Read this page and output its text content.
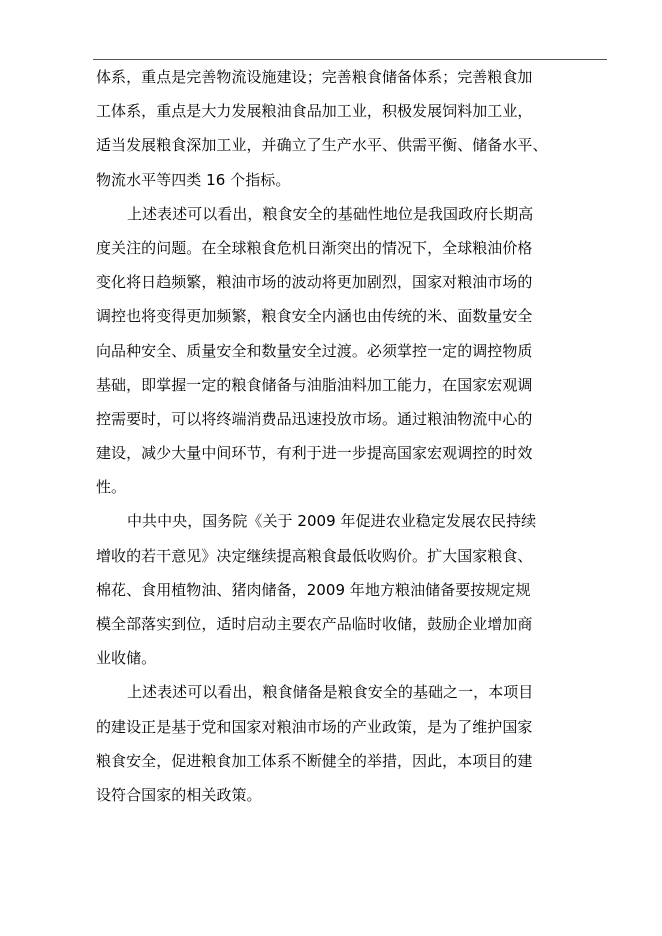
体系，重点是完善物流设施建设；完善粮食储备体系；完善粮食加
工体系，重点是大力发展粮油食品加工业，积极发展饲料加工业，
适当发展粮食深加工业，并确立了生产水平、供需平衡、储备水平、
物流水平等四类 16 个指标。
上述表述可以看出，粮食安全的基础性地位是我国政府长期高
度关注的问题。在全球粮食危机日渐突出的情况下，全球粮油价格
变化将日趋频繁，粮油市场的波动将更加剧烈，国家对粮油市场的
调控也将变得更加频繁，粮食安全内涵也由传统的米、面数量安全
向品种安全、质量安全和数量安全过渡。必须掌控一定的调控物质
基础，即掌握一定的粮食储备与油脂油料加工能力，在国家宏观调
控需要时，可以将终端消费品迅速投放市场。通过粮油物流中心的
建设，减少大量中间环节，有利于进一步提高国家宏观调控的时效
性。
中共中央，国务院《关于 2009 年促进农业稳定发展农民持续
增收的若干意见》决定继续提高粮食最低收购价。扩大国家粮食、
棉花、食用植物油、猪肉储备，2009 年地方粮油储备要按规定规
模全部落实到位，适时启动主要农产品临时收储，鼓励企业增加商
业收储。
上述表述可以看出，粮食储备是粮食安全的基础之一，本项目
的建设正是基于党和国家对粮油市场的产业政策，是为了维护国家
粮食安全，促进粮食加工体系不断健全的举措，因此，本项目的建
设符合国家的相关政策。
